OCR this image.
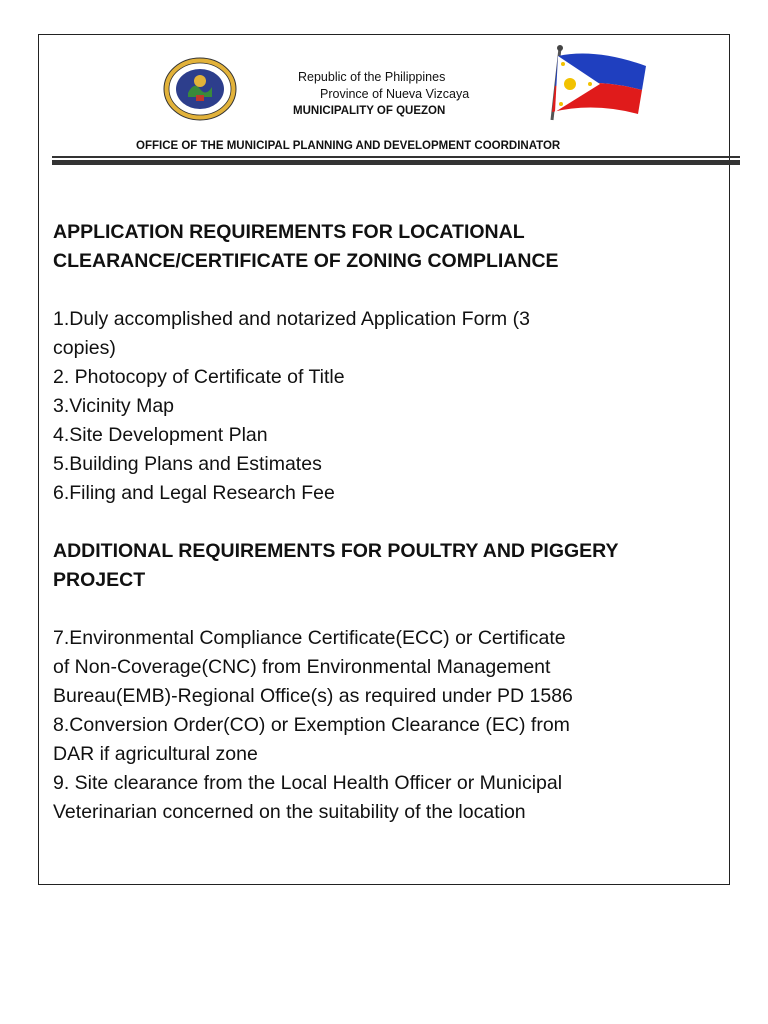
Republic of the Philippines
Province of Nueva Vizcaya
MUNICIPALITY OF QUEZON
OFFICE OF THE MUNICIPAL PLANNING AND DEVELOPMENT COORDINATOR
APPLICATION REQUIREMENTS FOR LOCATIONAL
CLEARANCE/CERTIFICATE OF ZONING COMPLIANCE
1.Duly accomplished and notarized Application Form (3
copies)
2. Photocopy of Certificate of Title
3.Vicinity Map
4.Site Development Plan
5.Building Plans and Estimates
6.Filing and Legal Research Fee
ADDITIONAL REQUIREMENTS FOR POULTRY AND PIGGERY
PROJECT
7.Environmental Compliance Certificate(ECC) or Certificate
of Non-Coverage(CNC) from Environmental Management
Bureau(EMB)-Regional Office(s) as required under PD 1586
8.Conversion Order(CO) or Exemption Clearance (EC) from
DAR if agricultural zone
9. Site clearance from the Local Health Officer or Municipal
Veterinarian concerned on the suitability of the location
